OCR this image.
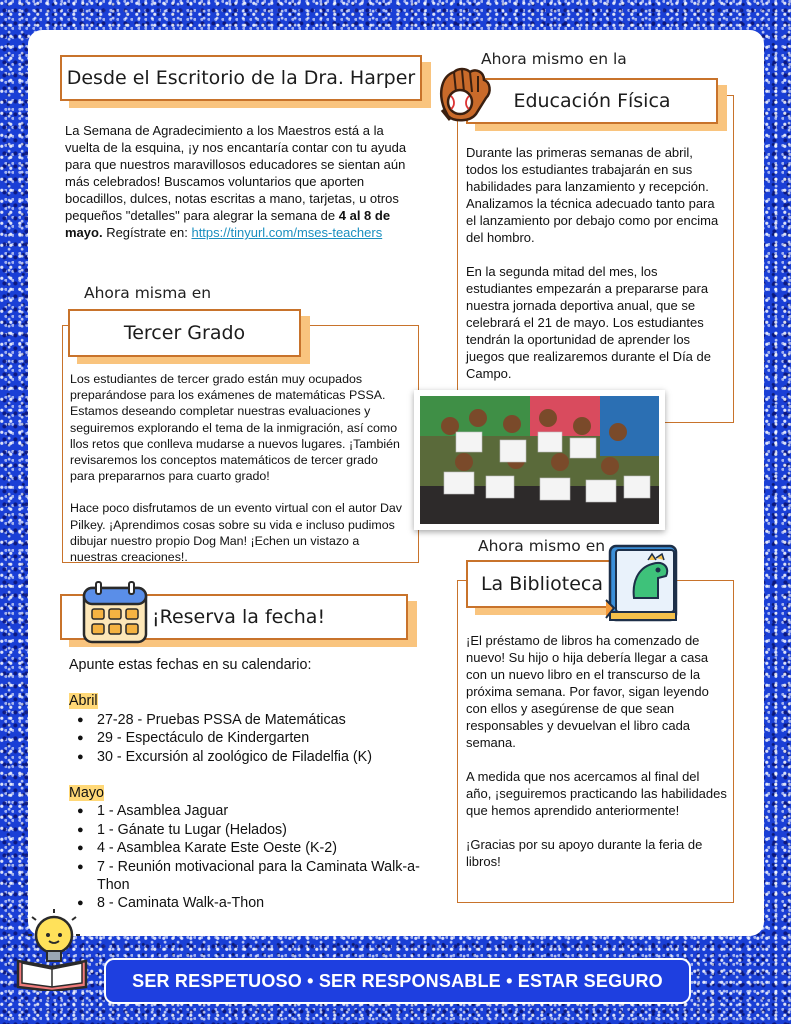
Desde el Escritorio de la Dra. Harper
La Semana de Agradecimiento a los Maestros está a la vuelta de la esquina, ¡y nos encantaría contar con tu ayuda para que nuestros maravillosos educadores se sientan aún más celebrados! Buscamos voluntarios que aporten bocadillos, dulces, notas escritas a mano, tarjetas, u otros pequeños "detalles" para alegrar la semana de 4 al 8 de mayo. Regístrate en: https://tinyurl.com/mses-teachers
Ahora mismo en la
Educación Física

Durante las primeras semanas de abril, todos los estudiantes trabajarán en sus habilidades para lanzamiento y recepción. Analizamos la técnica adecuado tanto para el lanzamiento por debajo como por encima del hombro.

En la segunda mitad del mes, los estudiantes empezarán a prepararse para nuestra jornada deportiva anual, que se celebrará el 21 de mayo. Los estudiantes tendrán la oportunidad de aprender los juegos que realizaremos durante el Día de Campo.

Ahora misma en
Tercer Grado

Los estudiantes de tercer grado están muy ocupados preparándose para los exámenes de matemáticas PSSA. Estamos deseando completar nuestras evaluaciones y seguiremos explorando el tema de la inmigración, así como llos retos que conlleva mudarse a nuevos lugares. ¡También revisaremos los conceptos matemáticos de tercer grado para prepararnos para cuarto grado!

Hace poco disfrutamos de un evento virtual con el autor Dav Pilkey. ¡Aprendimos cosas sobre su vida e incluso pudimos dibujar nuestro propio Dog Man! ¡Echen un vistazo a nuestras creaciones!.

Ahora mismo en
La Biblioteca

¡El préstamo de libros ha comenzado de nuevo! Su hijo o hija debería llegar a casa con un nuevo libro en el transcurso de la próxima semana. Por favor, sigan leyendo con ellos y asegúrense de que sean responsables y devuelvan el libro cada semana.

A medida que nos acercamos al final del año, ¡seguiremos practicando las habilidades que hemos aprendido anteriormente!

¡Gracias por su apoyo durante la feria de libros!

¡Reserva la fecha!
Apunte estas fechas en su calendario:
Abril
● 27-28 - Pruebas PSSA de Matemáticas
● 29 - Espectáculo de Kindergarten
● 30 - Excursión al zoológico de Filadelfia (K)
Mayo
● 1 - Asamblea Jaguar
● 1 - Gánate tu Lugar (Helados)
● 4 - Asamblea Karate Este Oeste (K-2)
● 7 - Reunión motivacional para la Caminata Walk-a-Thon
● 8 - Caminata Walk-a-Thon
SER RESPETUOSO • SER RESPONSABLE • ESTAR SEGURO
